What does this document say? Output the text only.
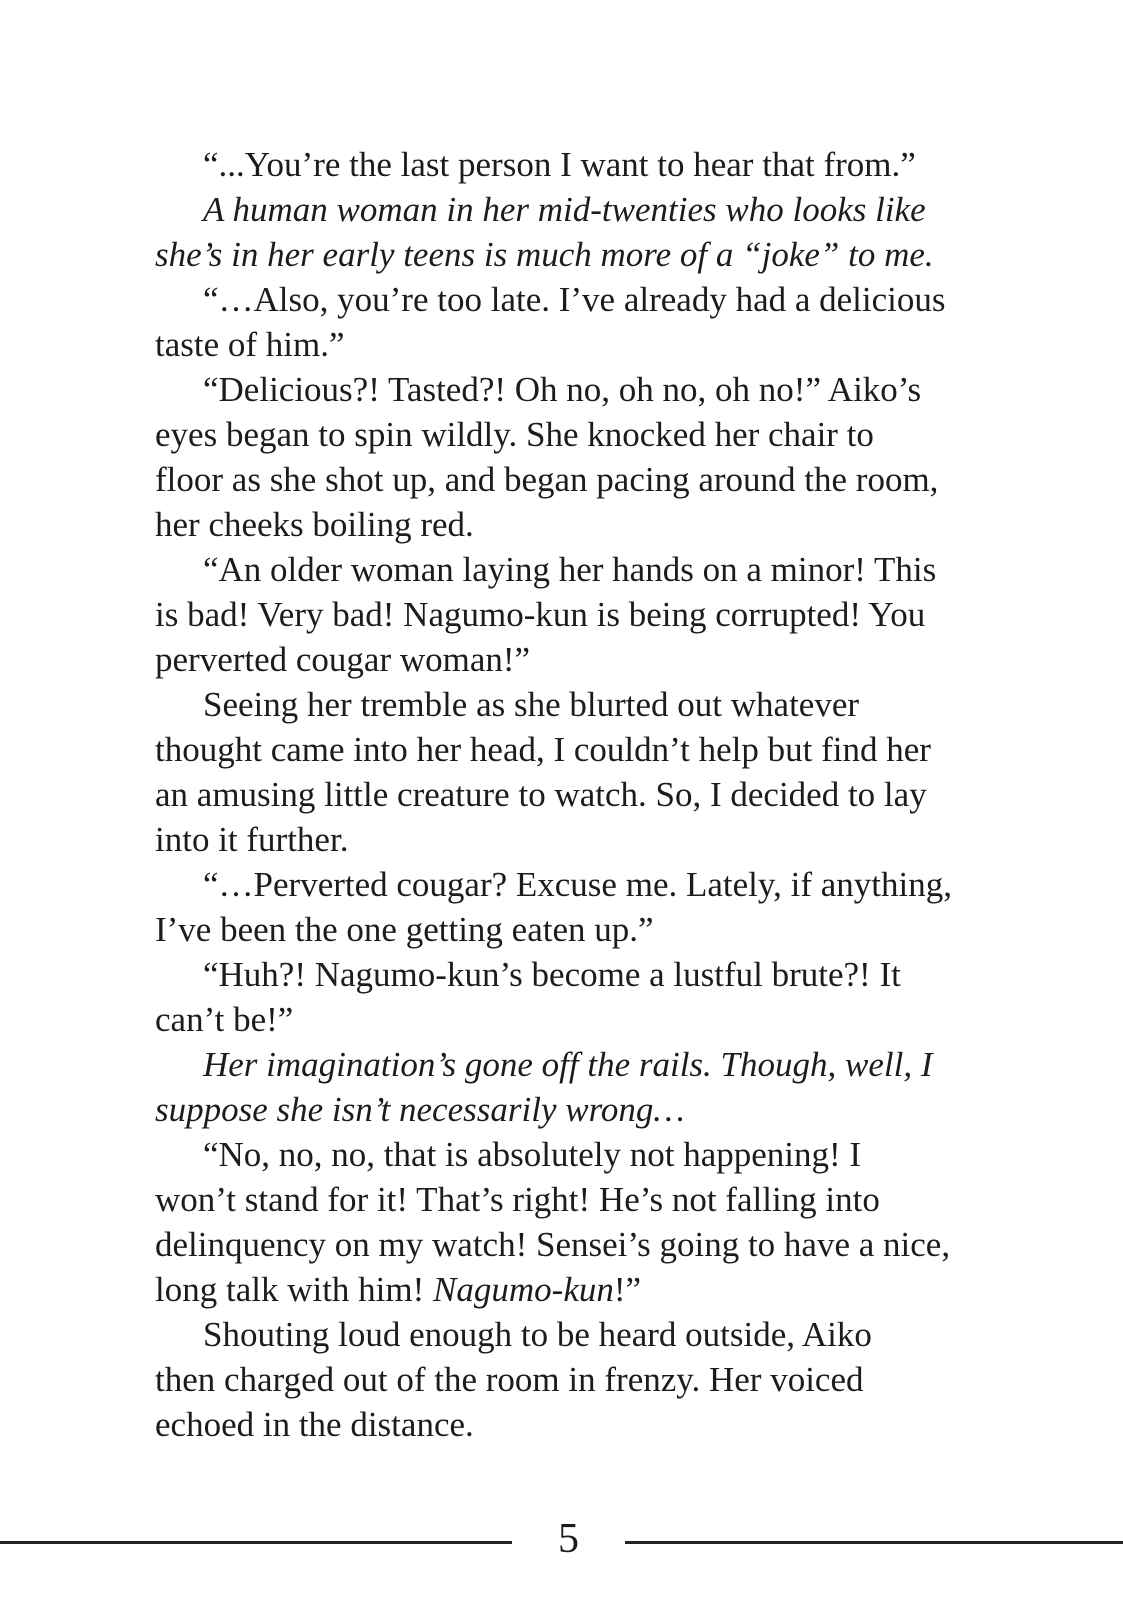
“...You’re the last person I want to hear that from.”
A human woman in her mid-twenties who looks like
she’s in her early teens is much more of a “joke” to me.
“…Also, you’re too late. I’ve already had a delicious
taste of him.”
“Delicious?! Tasted?! Oh no, oh no, oh no!” Aiko’s
eyes began to spin wildly. She knocked her chair to
floor as she shot up, and began pacing around the room,
her cheeks boiling red.
“An older woman laying her hands on a minor! This
is bad! Very bad! Nagumo-kun is being corrupted! You
perverted cougar woman!”
Seeing her tremble as she blurted out whatever
thought came into her head, I couldn’t help but find her
an amusing little creature to watch. So, I decided to lay
into it further.
“…Perverted cougar? Excuse me. Lately, if anything,
I’ve been the one getting eaten up.”
“Huh?! Nagumo-kun’s become a lustful brute?! It
can’t be!”
Her imagination’s gone off the rails. Though, well, I
suppose she isn’t necessarily wrong…
“No, no, no, that is absolutely not happening! I
won’t stand for it! That’s right! He’s not falling into
delinquency on my watch! Sensei’s going to have a nice,
long talk with him! Nagumo-kun!”
Shouting loud enough to be heard outside, Aiko
then charged out of the room in frenzy. Her voiced
echoed in the distance.
5
